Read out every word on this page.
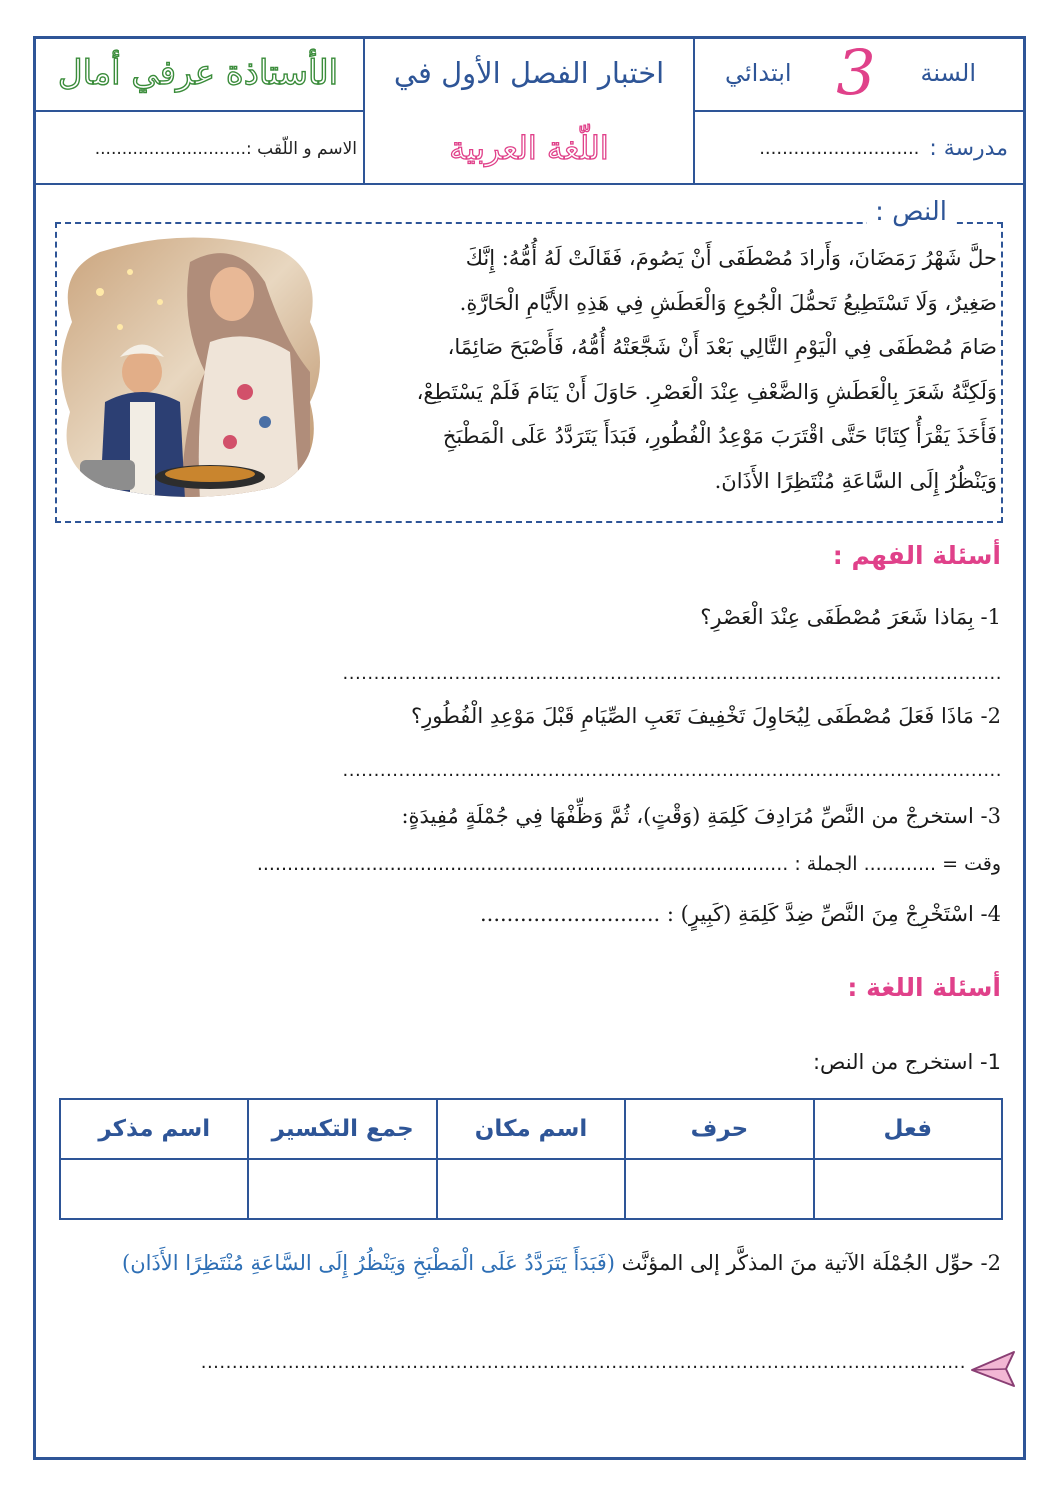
الأستاذة عرفي أمال
الاسم و اللّقب :............................
اختبار الفصل الأول في
اللّغة العربية
السنة
3
ابتدائي
مدرسة :
............................
النص :
حلَّ شَهْرُ رَمَضَانَ، وَأَرادَ مُصْطَفَى أَنْ يَصُومَ، فَقَالَتْ لَهُ أُمُّهُ: إِنَّكَ
صَغِيرٌ، وَلَا تَسْتَطِيعُ تَحمُّلَ الْجُوعِ وَالْعَطَشِ فِي هَذِهِ الأَيَّامِ الْحَارَّةِ.
صَامَ مُصْطَفَى فِي الْيَوْمِ التَّالِي بَعْدَ أَنْ شَجَّعَتْهُ أُمُّهُ، فَأَصْبَحَ صَائِمًا،
وَلَكِنَّهُ شَعَرَ بِالْعَطَشِ وَالضَّعْفِ عِنْدَ الْعَصْرِ. حَاوَلَ أَنْ يَنَامَ فَلَمْ يَسْتَطِعْ،
فَأَخَذَ يَقْرَأُ كِتَابًا حَتَّى اقْتَرَبَ مَوْعِدُ الْفُطُورِ، فَبَدَأَ يَتَرَدَّدُ عَلَى الْمَطْبَخِ
وَيَنْظُرُ إِلَى السَّاعَةِ مُنْتَظِرًا الأَذَانَ.
أسئلة الفهم :
1- بِمَاذا شَعَرَ مُصْطَفَى عِنْدَ الْعَصْرِ؟
..........................................................................................................
2- مَاذَا فَعَلَ مُصْطَفَى لِيُحَاوِلَ تَخْفِيفَ تَعَبِ الصِّيَامِ قَبْلَ مَوْعِدِ الْفُطُورِ؟
..........................................................................................................
3- استخرجْ من النَّصِّ مُرَادِفَ كَلِمَةِ (وَقْتٍ)، ثُمَّ وَظِّفْهَا فِي جُمْلَةٍ مُفِيدَةٍ:
وقت = ............ الجملة : ........................................................................................
4- اسْتَخْرِجْ مِنَ النَّصِّ ضِدَّ كَلِمَةِ (كَبِيرٍ) : ...........................
أسئلة اللغة :
1- استخرج من النص:
فعل	حرف	اسم مكان	جمع التكسير	اسم مذكر

2- حوِّل الجُمْلَة الآتية منَ المذكَّر إلى المؤنَّث (فَبَدَأَ يَتَرَدَّدُ عَلَى الْمَطْبَخِ وَيَنْظُرُ إِلَى السَّاعَةِ مُنْتَظِرًا الأَذَان)
...........................................................................................................................
